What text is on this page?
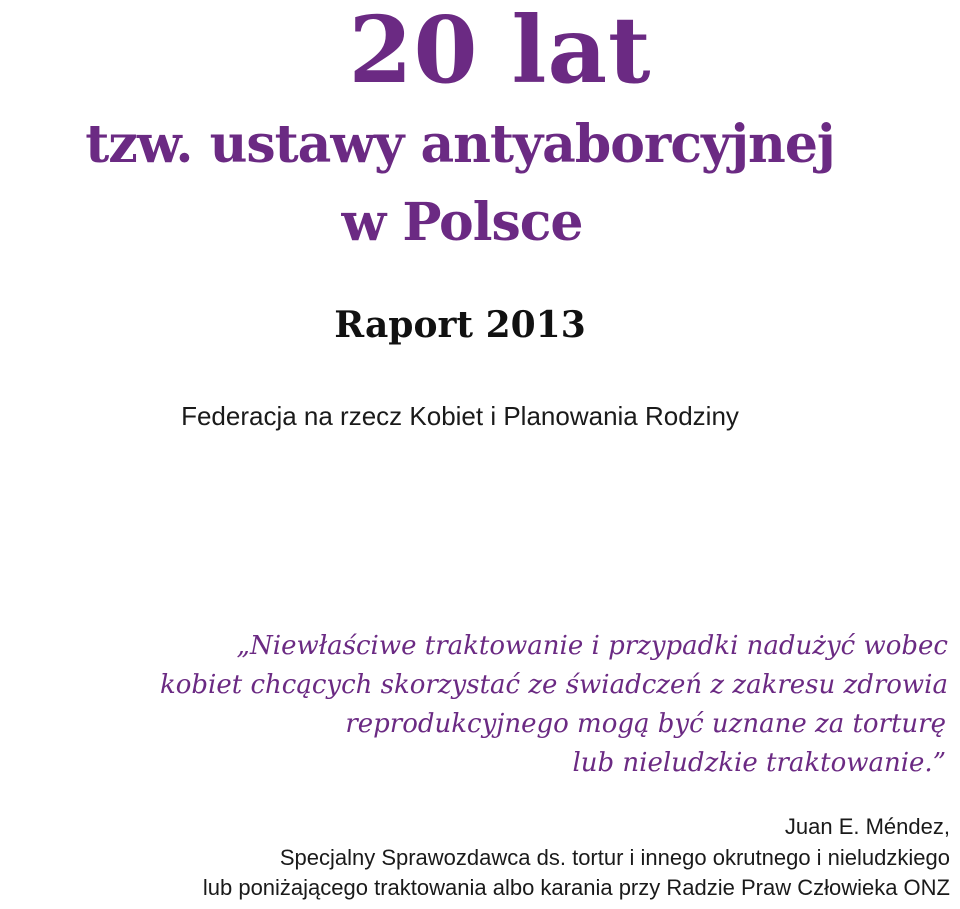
20 lat
tzw. ustawy antyaborcyjnej
w Polsce
Raport 2013
Federacja na rzecz Kobiet i Planowania Rodziny
„Niewłaściwe traktowanie i przypadki nadużyć wobec
kobiet chcących skorzystać ze świadczeń z zakresu zdrowia
reprodukcyjnego mogą być uznane za torturę
lub nieludzkie traktowanie.”
Juan E. Méndez,
Specjalny Sprawozdawca ds. tortur i innego okrutnego i nieludzkiego
lub poniżającego traktowania albo karania przy Radzie Praw Człowieka ONZ
